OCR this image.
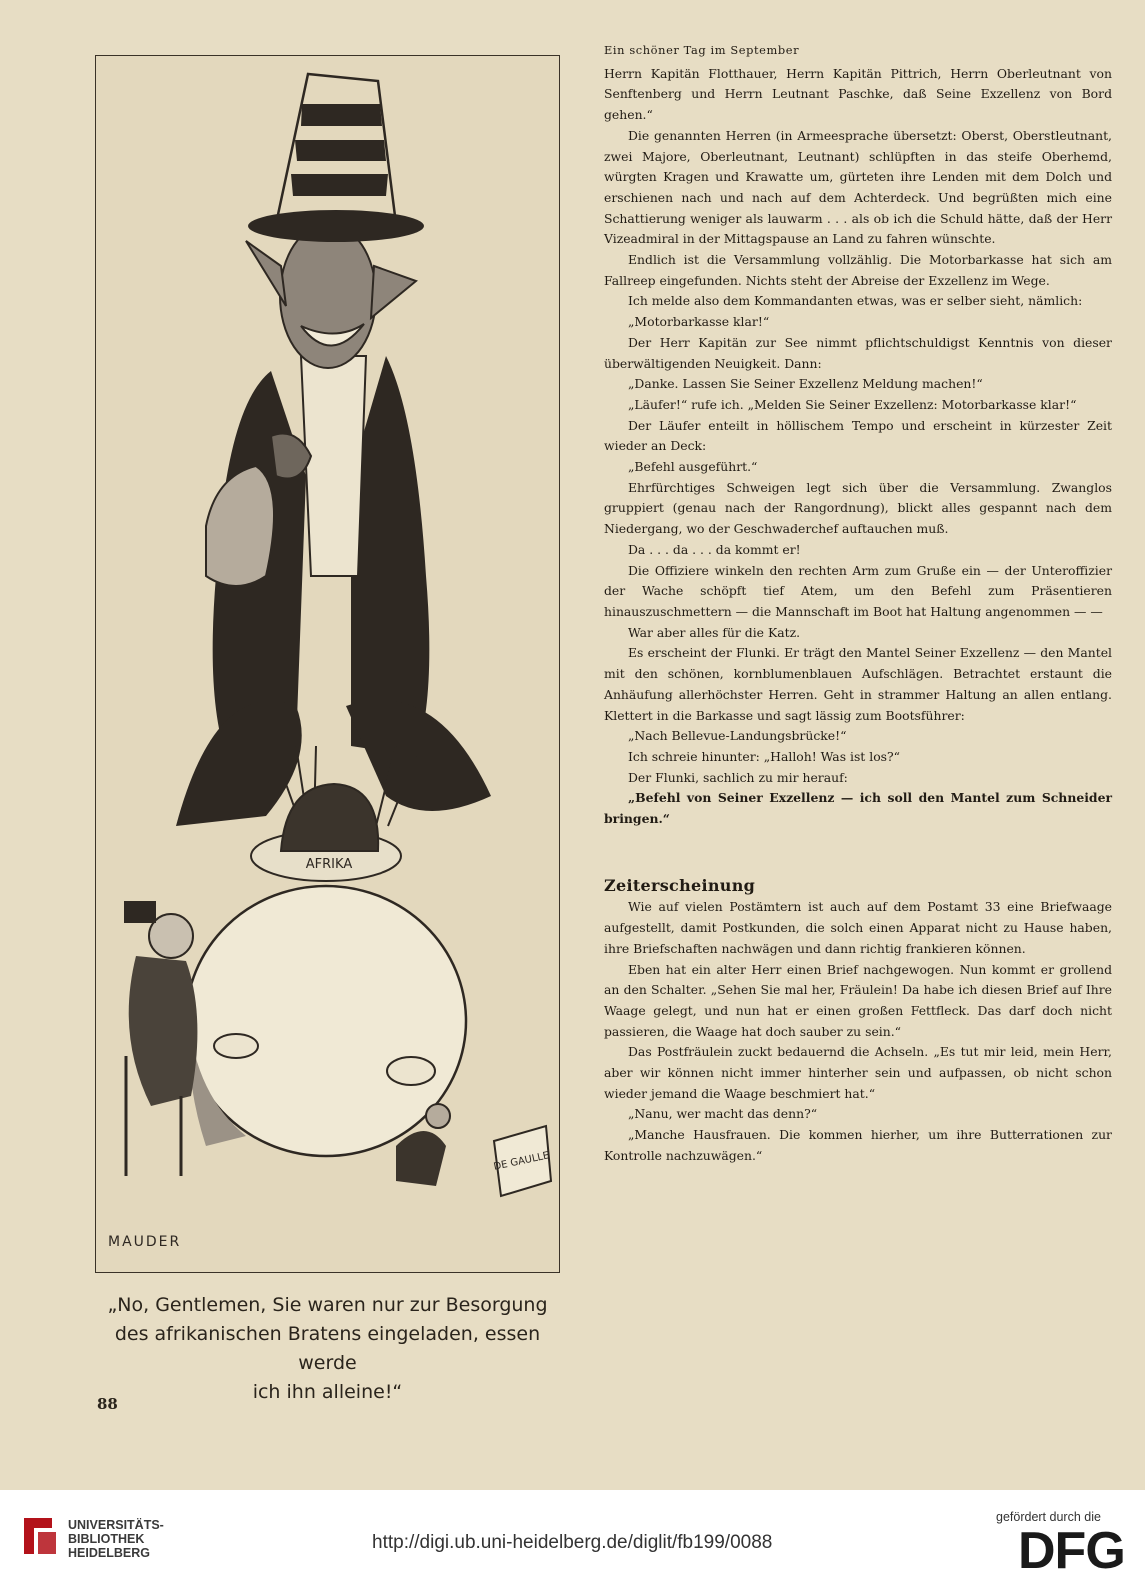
AFRIKA
DE GAULLE
MAUDER
„No, Gentlemen, Sie waren nur zur Besorgung
des afrikanischen Bratens eingeladen, essen werde
ich ihn alleine!“
88
Ein schöner Tag im September

Herrn Kapitän Flotthauer, Herrn Kapitän Pittrich, Herrn Oberleutnant von Senftenberg und Herrn Leutnant Paschke, daß Seine Exzellenz von Bord gehen.“

Die genannten Herren (in Armeesprache übersetzt: Oberst, Oberstleutnant, zwei Majore, Oberleutnant, Leutnant) schlüpften in das steife Oberhemd, würgten Kragen und Krawatte um, gürteten ihre Lenden mit dem Dolch und erschienen nach und nach auf dem Achterdeck. Und begrüßten mich eine Schattierung weniger als lauwarm . . . als ob ich die Schuld hätte, daß der Herr Vizeadmiral in der Mittagspause an Land zu fahren wünschte.

Endlich ist die Versammlung vollzählig. Die Motorbarkasse hat sich am Fallreep eingefunden. Nichts steht der Abreise der Exzellenz im Wege.

Ich melde also dem Kommandanten etwas, was er selber sieht, nämlich:

„Motorbarkasse klar!“

Der Herr Kapitän zur See nimmt pflichtschuldigst Kenntnis von dieser überwältigenden Neuigkeit. Dann:

„Danke. Lassen Sie Seiner Exzellenz Meldung machen!“

„Läufer!“ rufe ich. „Melden Sie Seiner Exzellenz: Motorbarkasse klar!“

Der Läufer enteilt in höllischem Tempo und erscheint in kürzester Zeit wieder an Deck:

„Befehl ausgeführt.“

Ehrfürchtiges Schweigen legt sich über die Versammlung. Zwanglos gruppiert (genau nach der Rangordnung), blickt alles gespannt nach dem Niedergang, wo der Geschwaderchef auftauchen muß.

Da . . . da . . . da kommt er!

Die Offiziere winkeln den rechten Arm zum Gruße ein — der Unteroffizier der Wache schöpft tief Atem, um den Befehl zum Präsentieren hinauszuschmettern — die Mannschaft im Boot hat Haltung angenommen — —

War aber alles für die Katz.

Es erscheint der Flunki. Er trägt den Mantel Seiner Exzellenz — den Mantel mit den schönen, kornblumenblauen Aufschlägen. Betrachtet erstaunt die Anhäufung allerhöchster Herren. Geht in strammer Haltung an allen entlang. Klettert in die Barkasse und sagt lässig zum Bootsführer:

„Nach Bellevue-Landungsbrücke!“

Ich schreie hinunter: „Halloh! Was ist los?“

Der Flunki, sachlich zu mir herauf:

„Befehl von Seiner Exzellenz — ich soll den Mantel zum Schneider bringen.“

Zeiterscheinung

Wie auf vielen Postämtern ist auch auf dem Postamt 33 eine Briefwaage aufgestellt, damit Postkunden, die solch einen Apparat nicht zu Hause haben, ihre Briefschaften nachwägen und dann richtig frankieren können.

Eben hat ein alter Herr einen Brief nachgewogen. Nun kommt er grollend an den Schalter. „Sehen Sie mal her, Fräulein! Da habe ich diesen Brief auf Ihre Waage gelegt, und nun hat er einen großen Fettfleck. Das darf doch nicht passieren, die Waage hat doch sauber zu sein.“

Das Postfräulein zuckt bedauernd die Achseln. „Es tut mir leid, mein Herr, aber wir können nicht immer hinterher sein und aufpassen, ob nicht schon wieder jemand die Waage beschmiert hat.“

„Nanu, wer macht das denn?“

„Manche Hausfrauen. Die kommen hierher, um ihre Butterrationen zur Kontrolle nachzuwägen.“

UNIVERSITÄTS-
BIBLIOTHEK
HEIDELBERG	http://digi.ub.uni-heidelberg.de/diglit/fb199/0088
gefördert durch die
DFG
